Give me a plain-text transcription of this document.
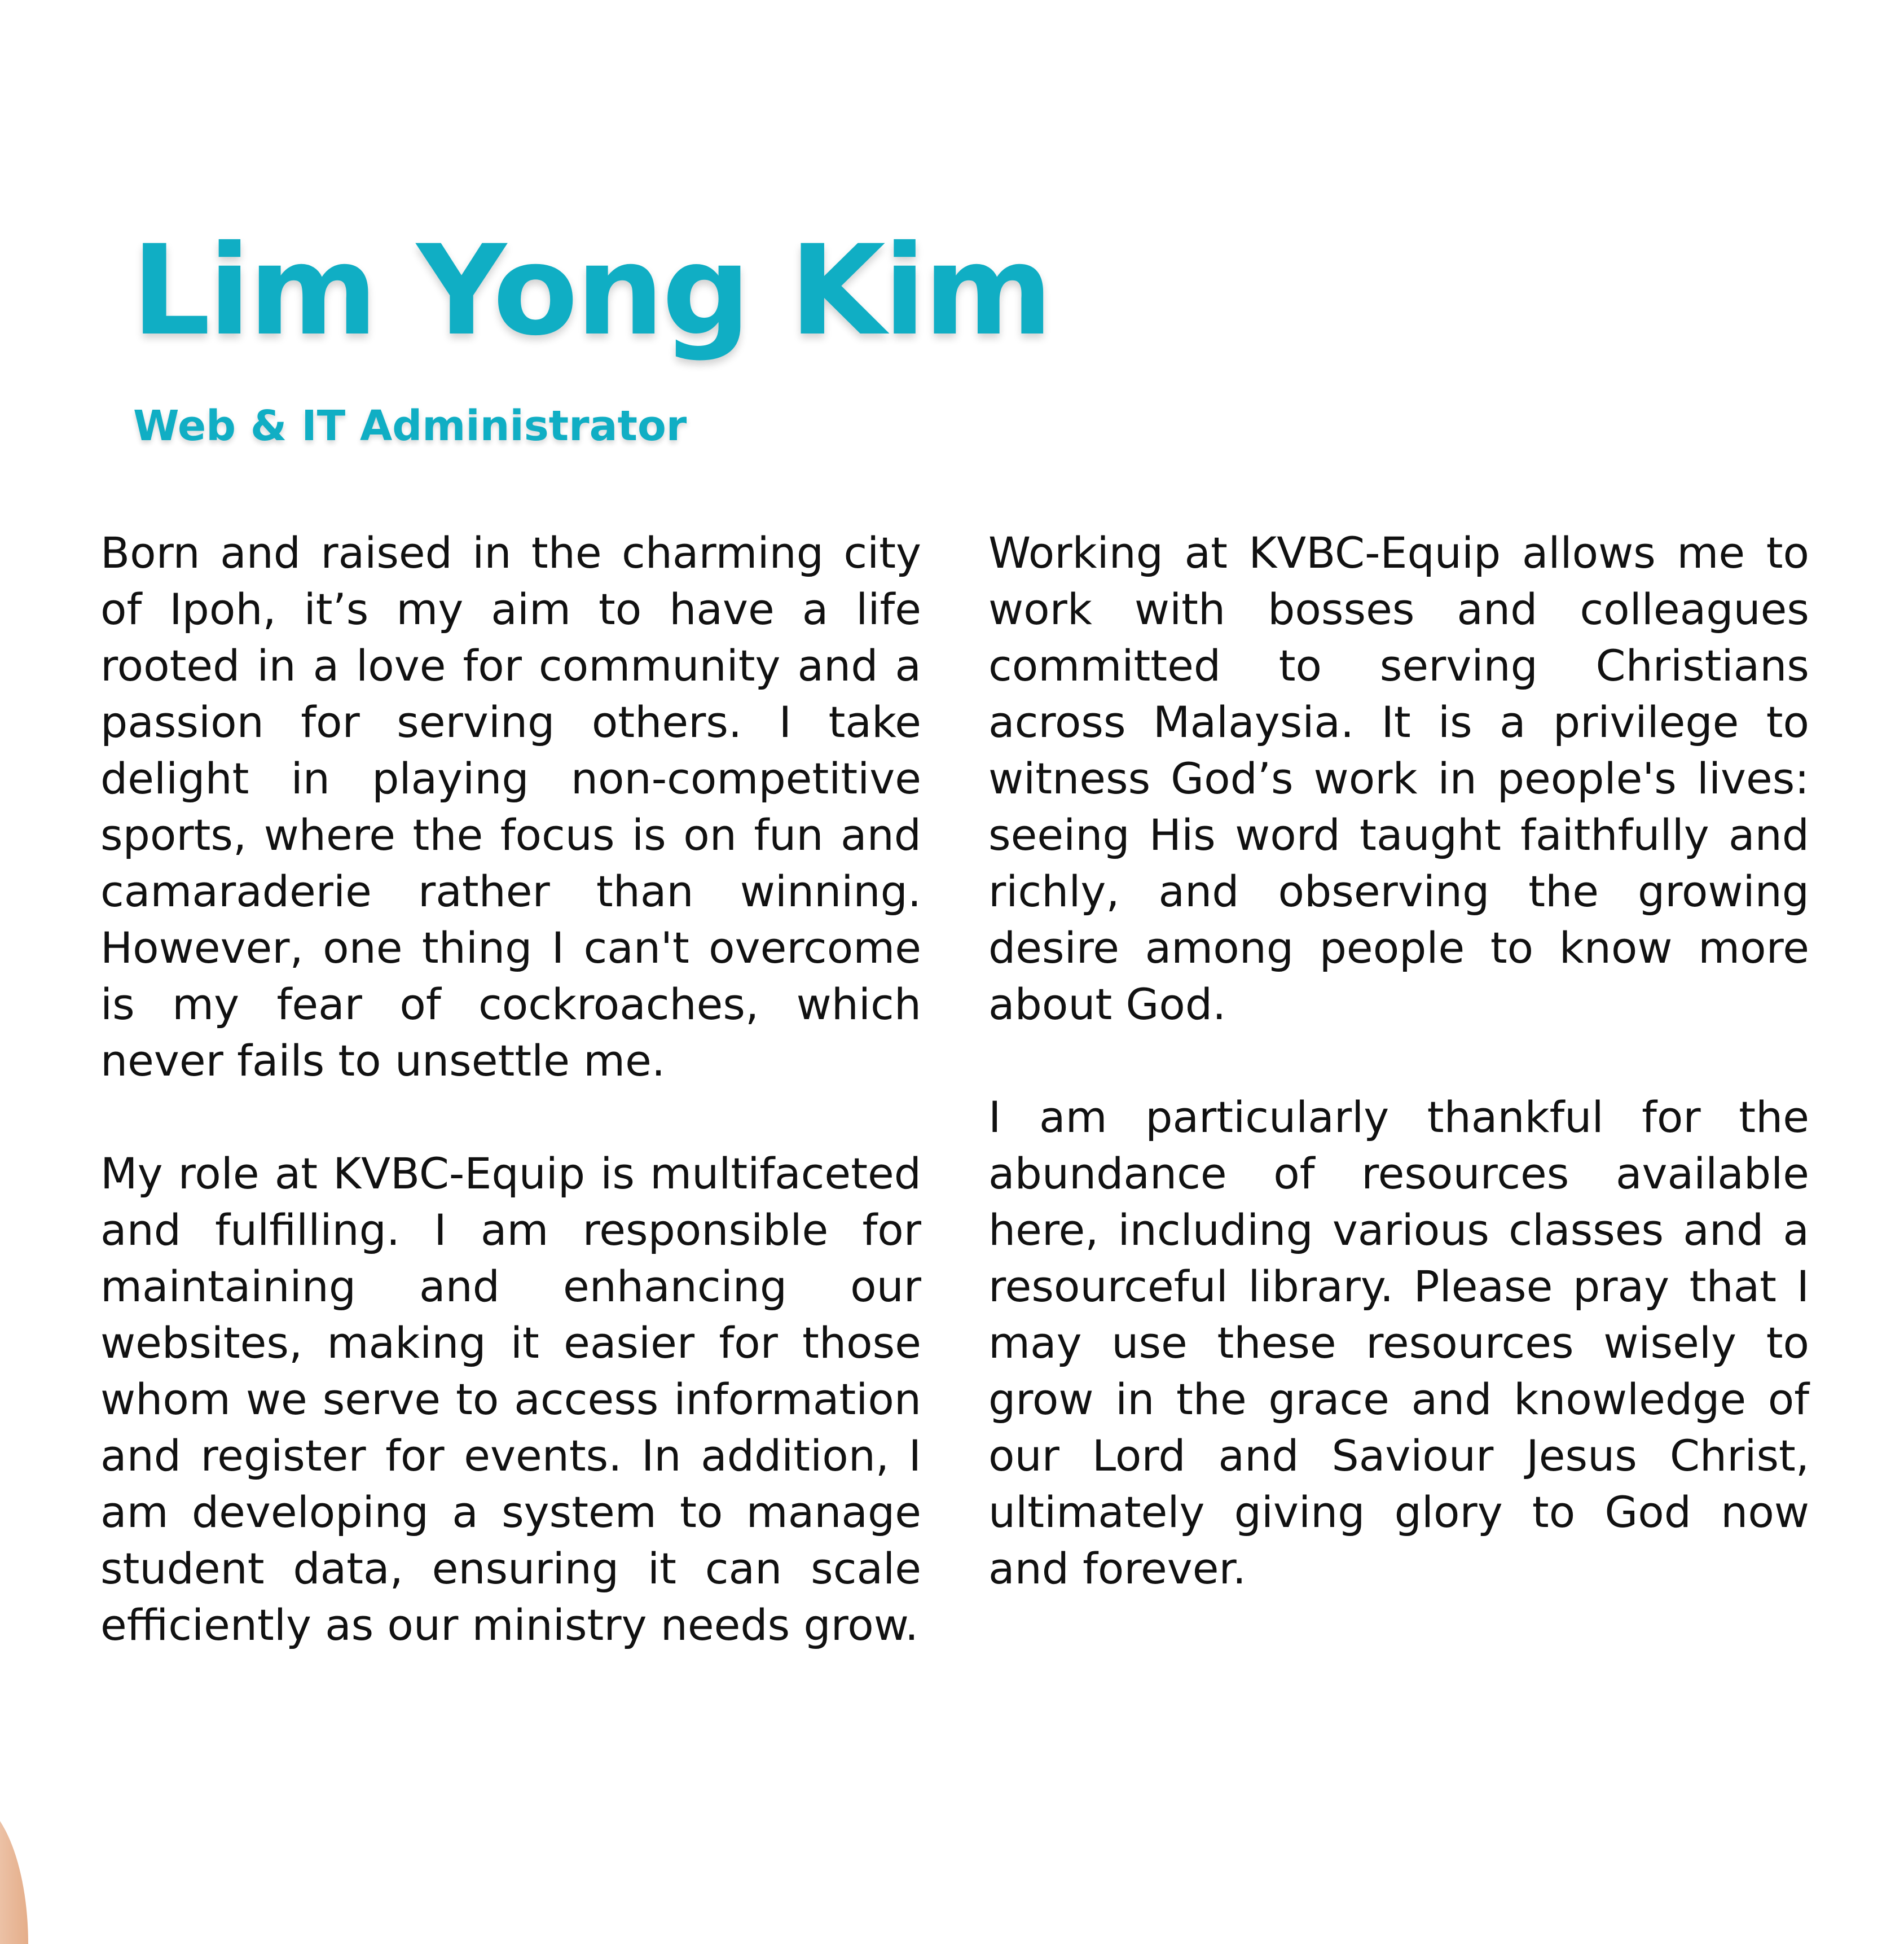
Lim Yong Kim
Web & IT Administrator

Born and raised in the charming city of Ipoh, it’s my aim to have a life rooted in a love for community and a passion for serving others. I take delight in playing non-competitive sports, where the focus is on fun and camaraderie rather than winning. However, one thing I can't overcome is my fear of cockroaches, which never fails to unsettle me.

My role at KVBC-Equip is multifaceted and fulfilling. I am responsible for maintaining and enhancing our websites, making it easier for those whom we serve to access information and register for events. In addition, I am developing a system to manage student data, ensuring it can scale efficiently as our ministry needs grow.

Working at KVBC-Equip allows me to work with bosses and colleagues committed to serving Christians across Malaysia. It is a privilege to witness God’s work in people's lives: seeing His word taught faithfully and richly, and observing the growing desire among people to know more about God.

I am particularly thankful for the abundance of resources available here, including various classes and a resourceful library. Please pray that I may use these resources wisely to grow in the grace and knowledge of our Lord and Saviour Jesus Christ, ultimately giving glory to God now and forever.
